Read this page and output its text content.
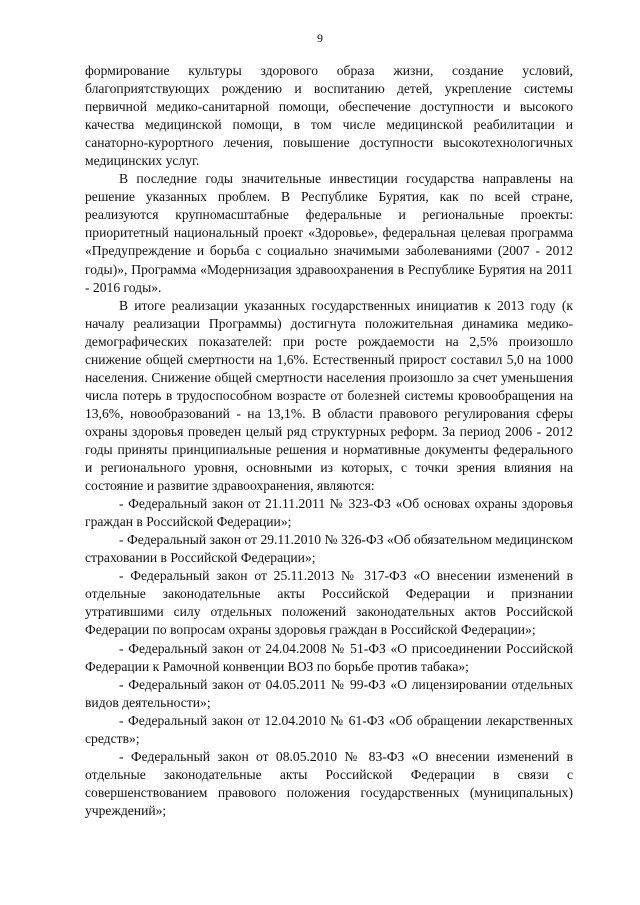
9

формирование культуры здорового образа жизни, создание условий, благоприятствующих рождению и воспитанию детей, укрепление системы первичной медико-санитарной помощи, обеспечение доступности и высокого качества медицинской помощи, в том числе медицинской реабилитации и санаторно-курортного лечения, повышение доступности высокотехнологичных медицинских услуг.

В последние годы значительные инвестиции государства направлены на решение указанных проблем. В Республике Бурятия, как по всей стране, реализуются крупномасштабные федеральные и региональные проекты: приоритетный национальный проект «Здоровье», федеральная целевая программа «Предупреждение и борьба с социально значимыми заболеваниями (2007 - 2012 годы)», Программа «Модернизация здравоохранения в Республике Бурятия на 2011 - 2016 годы».

В итоге реализации указанных государственных инициатив к 2013 году (к началу реализации Программы) достигнута положительная динамика медико-демографических показателей: при росте рождаемости на 2,5% произошло снижение общей смертности на 1,6%. Естественный прирост составил 5,0 на 1000 населения. Снижение общей смертности населения произошло за счет уменьшения числа потерь в трудоспособном возрасте от болезней системы кровообращения на 13,6%, новообразований - на 13,1%. В области правового регулирования сферы охраны здоровья проведен целый ряд структурных реформ. За период 2006 - 2012 годы приняты принципиальные решения и нормативные документы федерального и регионального уровня, основными из которых, с точки зрения влияния на состояние и развитие здравоохранения, являются:

- Федеральный закон от 21.11.2011 № 323-ФЗ «Об основах охраны здоровья граждан в Российской Федерации»;

- Федеральный закон от 29.11.2010 № 326-ФЗ «Об обязательном медицинском страховании в Российской Федерации»;

- Федеральный закон от 25.11.2013 № 317-ФЗ «О внесении изменений в отдельные законодательные акты Российской Федерации и признании утратившими силу отдельных положений законодательных актов Российской Федерации по вопросам охраны здоровья граждан в Российской Федерации»;

- Федеральный закон от 24.04.2008 № 51-ФЗ «О присоединении Российской Федерации к Рамочной конвенции ВОЗ по борьбе против табака»;

- Федеральный закон от 04.05.2011 № 99-ФЗ «О лицензировании отдельных видов деятельности»;

- Федеральный закон от 12.04.2010 № 61-ФЗ «Об обращении лекарственных средств»;

- Федеральный закон от 08.05.2010 № 83-ФЗ «О внесении изменений в отдельные законодательные акты Российской Федерации в связи с совершенствованием правового положения государственных (муниципальных) учреждений»;
